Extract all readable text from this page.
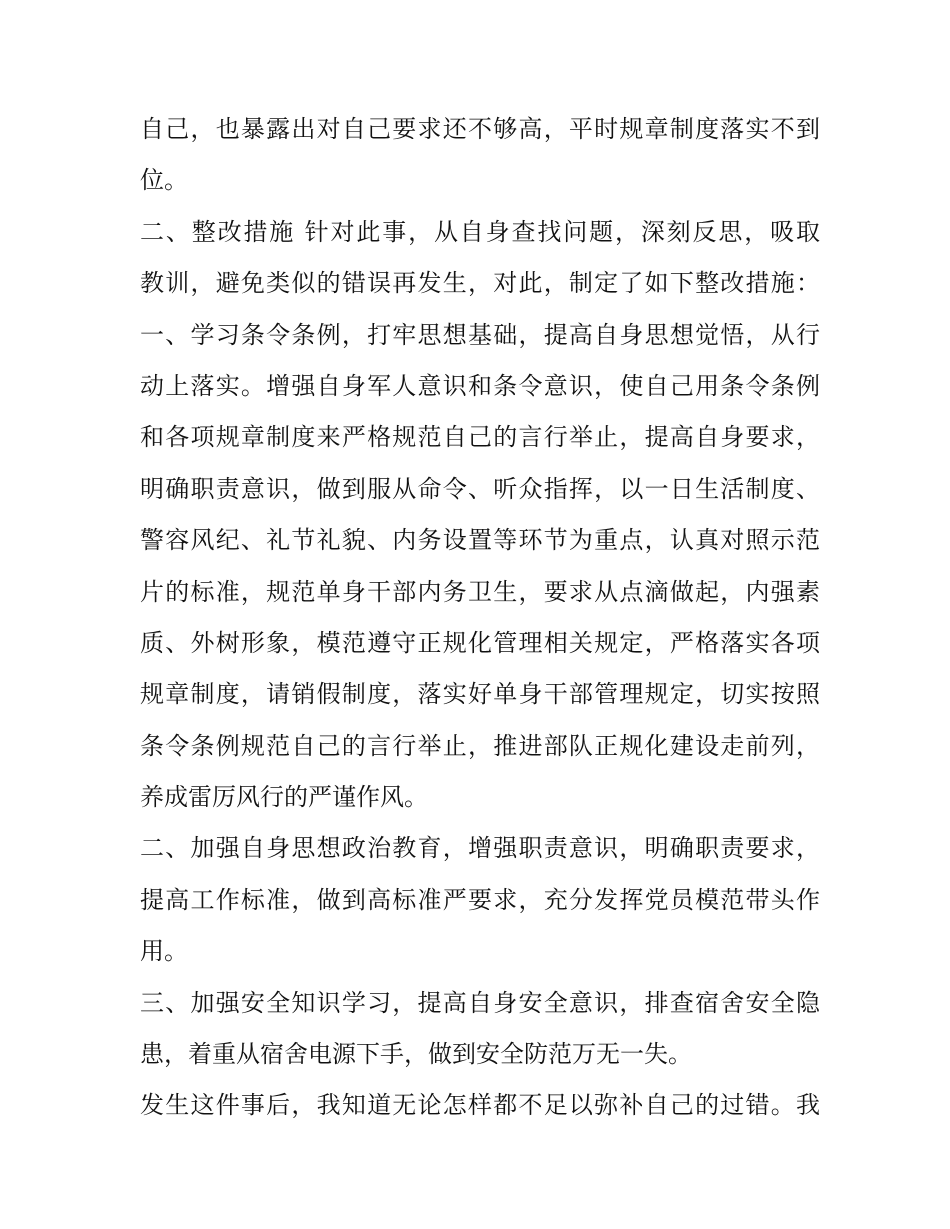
自己，也暴露出对自己要求还不够高，平时规章制度落实不到
位。
二、整改措施 针对此事，从自身查找问题，深刻反思，吸取
教训，避免类似的错误再发生，对此，制定了如下整改措施：
一、学习条令条例，打牢思想基础，提高自身思想觉悟，从行
动上落实。增强自身军人意识和条令意识，使自己用条令条例
和各项规章制度来严格规范自己的言行举止，提高自身要求，
明确职责意识，做到服从命令、听众指挥，以一日生活制度、
警容风纪、礼节礼貌、内务设置等环节为重点，认真对照示范
片的标准，规范单身干部内务卫生，要求从点滴做起，内强素
质、外树形象，模范遵守正规化管理相关规定，严格落实各项
规章制度，请销假制度，落实好单身干部管理规定，切实按照
条令条例规范自己的言行举止，推进部队正规化建设走前列，
养成雷厉风行的严谨作风。
二、加强自身思想政治教育，增强职责意识，明确职责要求，
提高工作标准，做到高标准严要求，充分发挥党员模范带头作
用。
三、加强安全知识学习，提高自身安全意识，排查宿舍安全隐
患，着重从宿舍电源下手，做到安全防范万无一失。
发生这件事后，我知道无论怎样都不足以弥补自己的过错。我
